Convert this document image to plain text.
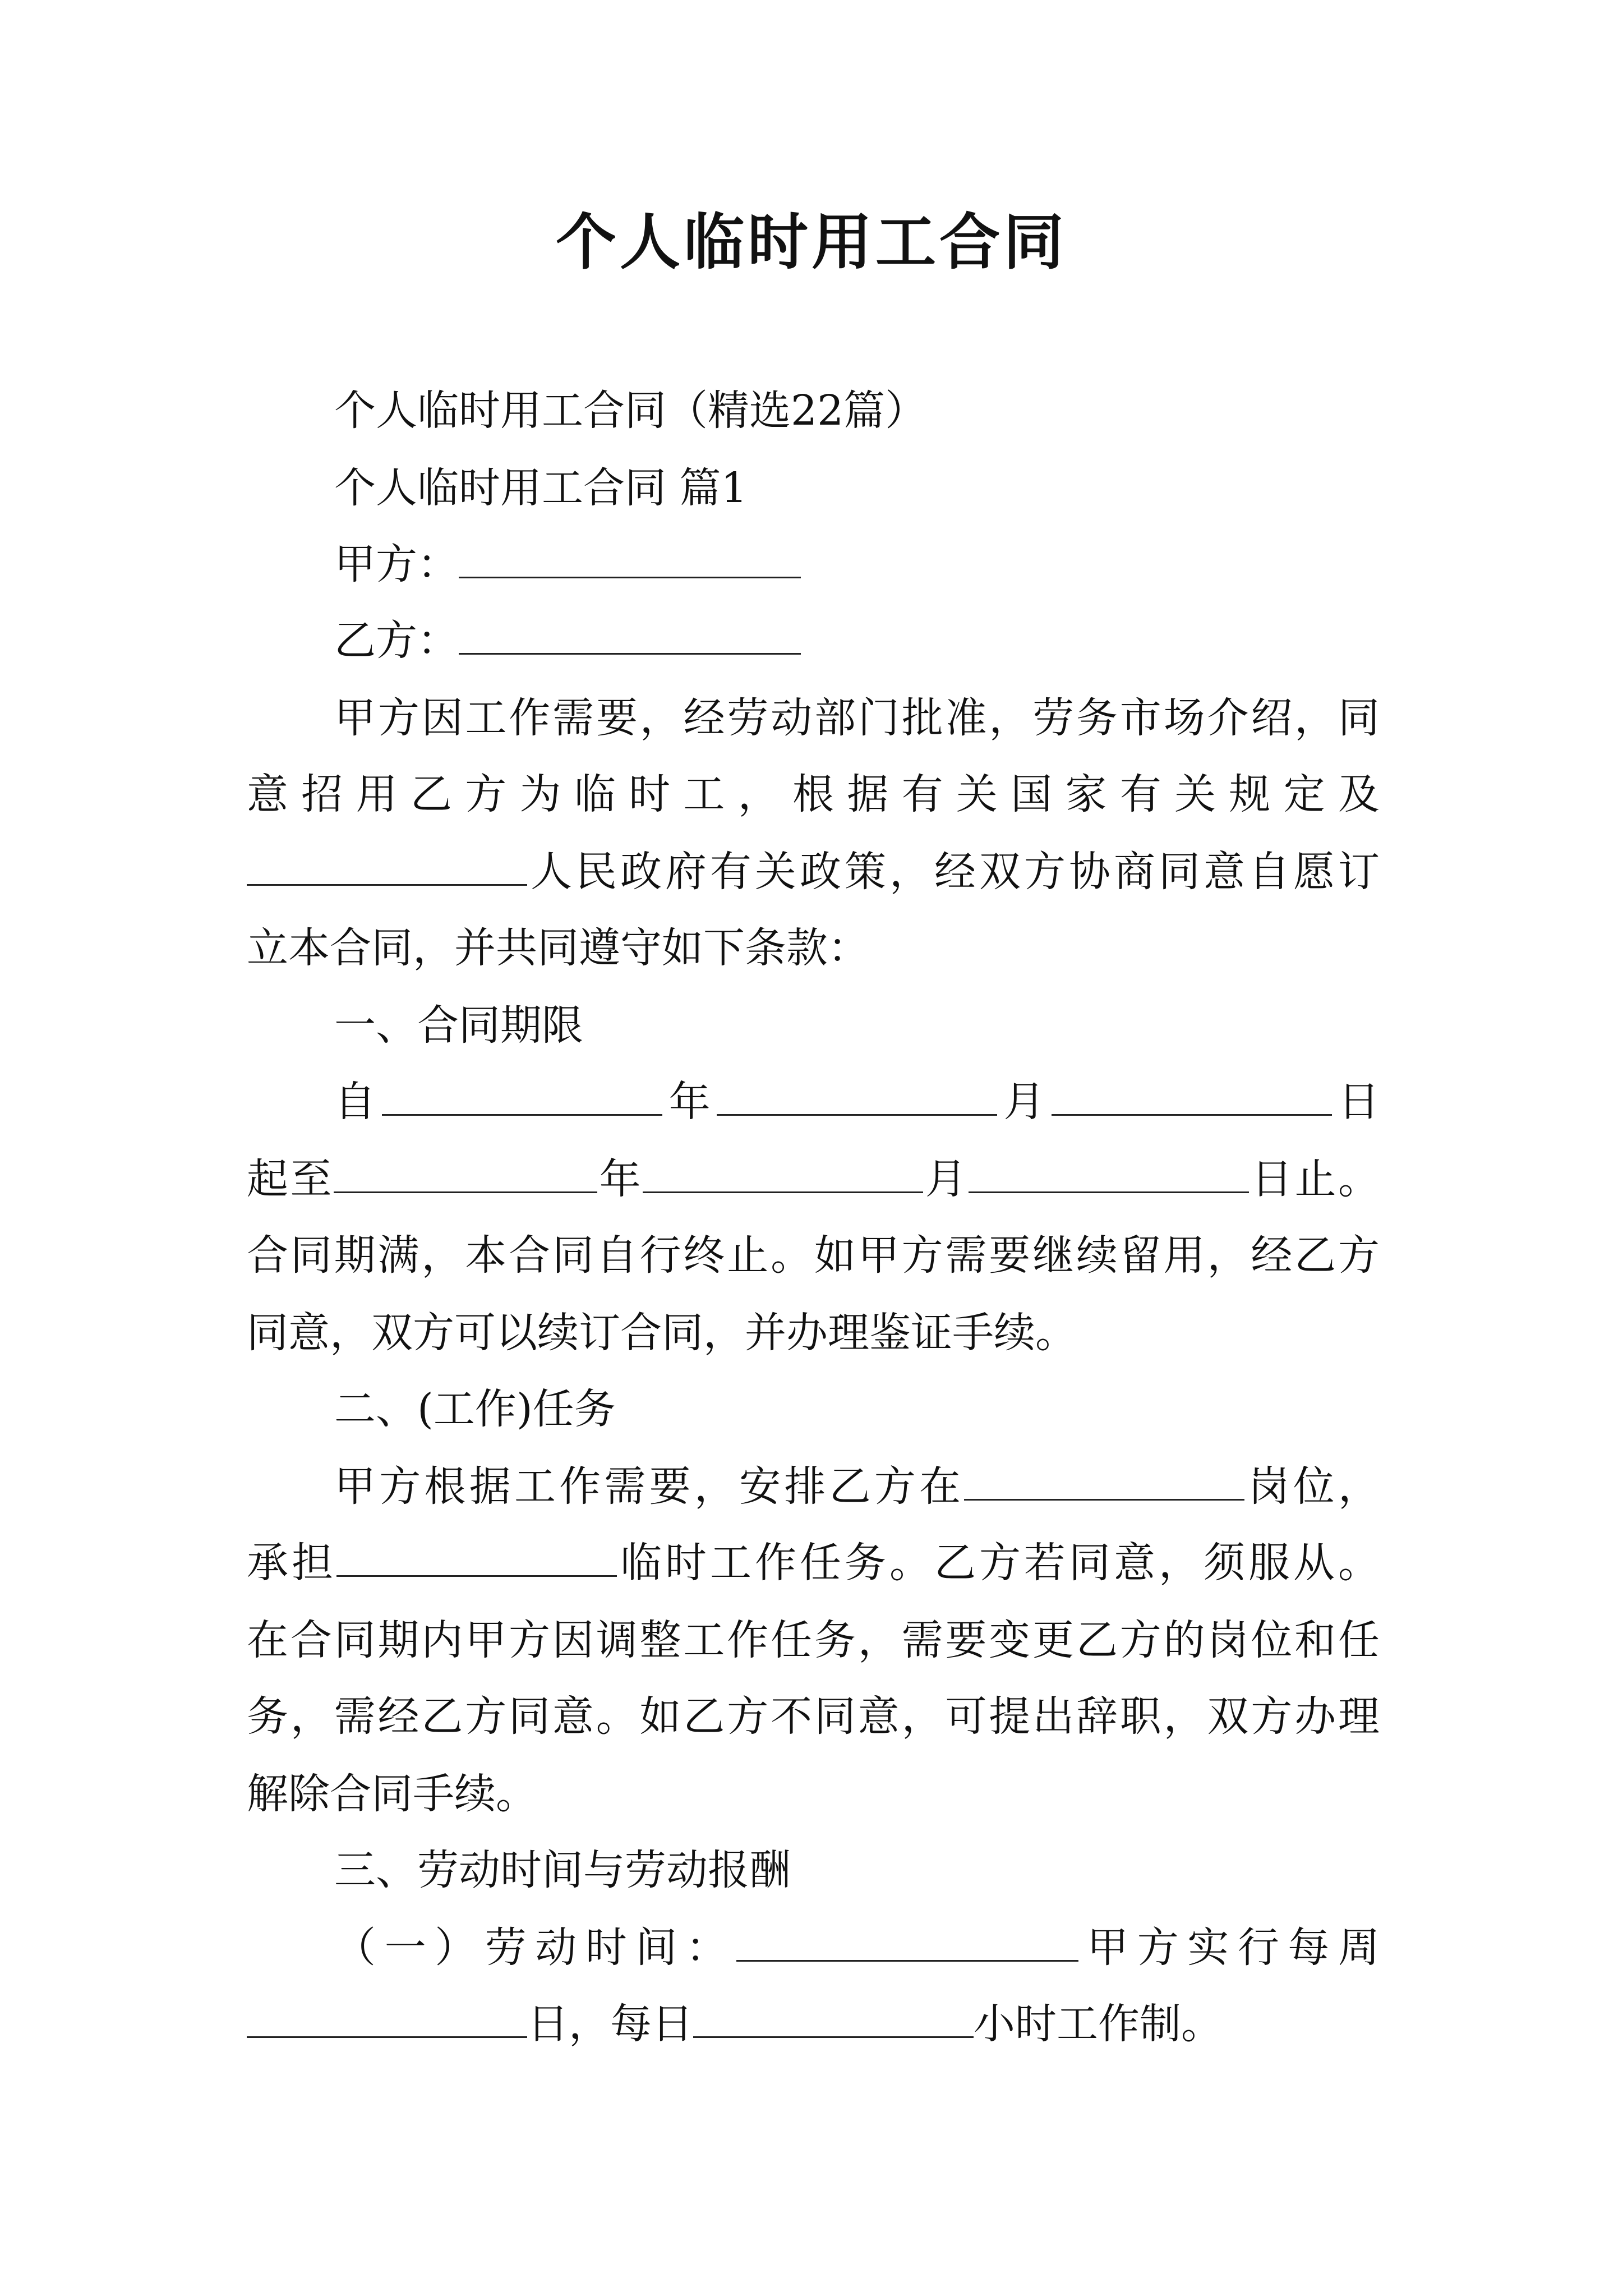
个人临时用工合同
个人临时用工合同（精选22篇）
个人临时用工合同 篇1
甲方：
乙方：
甲方因工作需要，经劳动部门批准，劳务市场介绍，同
意招用乙方为临时工，根据有关国家有关规定及
人民政府有关政策，经双方协商同意自愿订
立本合同，并共同遵守如下条款：
一、合同期限
自	年	月	日
起至	年	月	日止。
合同期满，本合同自行终止。如甲方需要继续留用，经乙方
同意，双方可以续订合同，并办理鉴证手续。
二、(工作)任务
甲方根据工作需要，安排乙方在	岗位，
承担	临时工作任务。乙方若同意，须服从。
在合同期内甲方因调整工作任务，需要变更乙方的岗位和任
务，需经乙方同意。如乙方不同意，可提出辞职，双方办理
解除合同手续。
三、劳动时间与劳动报酬
（一）劳动时间：	甲方实行每周
日，每日	小时工作制。
